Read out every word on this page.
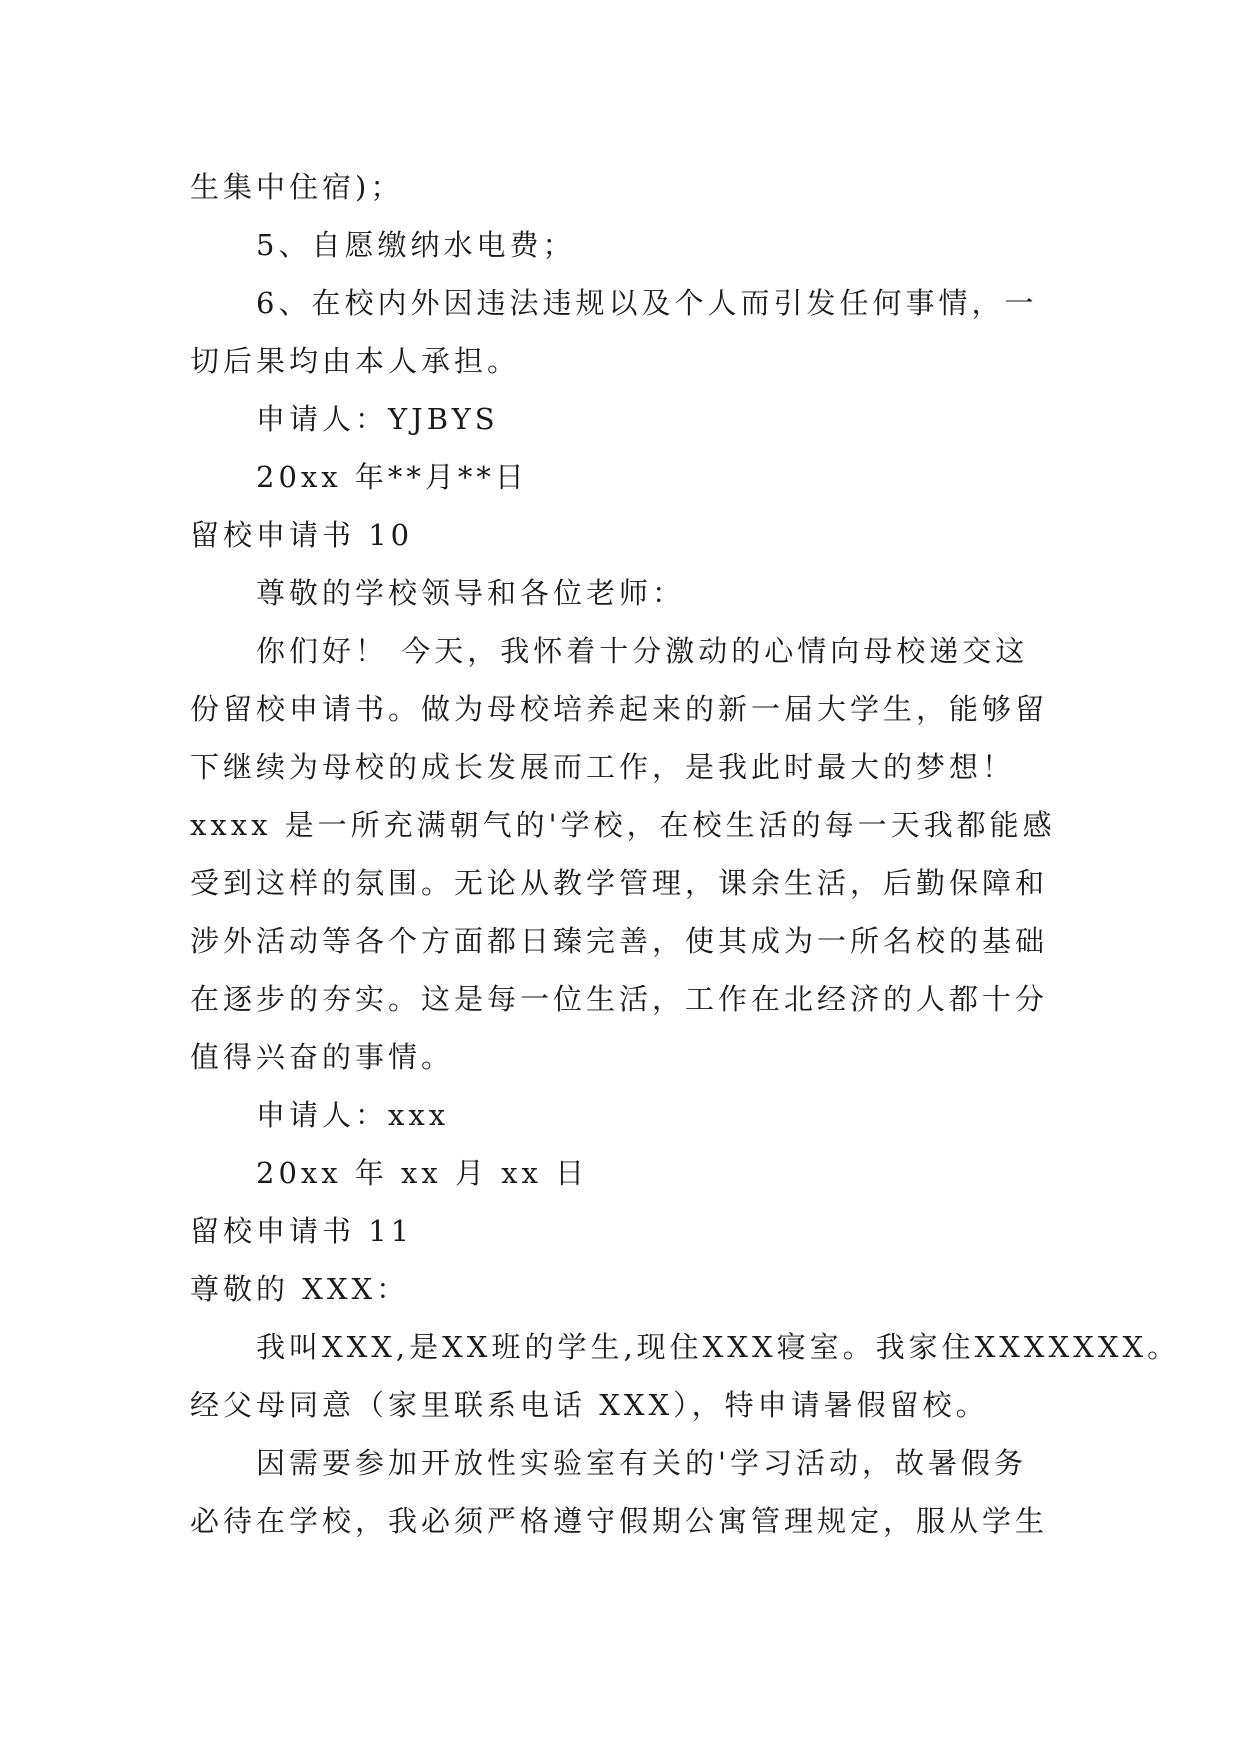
生集中住宿)；
5、自愿缴纳水电费；
6、在校内外因违法违规以及个人而引发任何事情，一
切后果均由本人承担。
申请人：YJBYS
20xx 年**月**日
留校申请书 10
尊敬的学校领导和各位老师：
你们好！ 今天，我怀着十分激动的心情向母校递交这
份留校申请书。做为母校培养起来的新一届大学生，能够留
下继续为母校的成长发展而工作，是我此时最大的梦想！
xxxx 是一所充满朝气的'学校，在校生活的每一天我都能感
受到这样的氛围。无论从教学管理，课余生活，后勤保障和
涉外活动等各个方面都日臻完善，使其成为一所名校的基础
在逐步的夯实。这是每一位生活，工作在北经济的人都十分
值得兴奋的事情。
申请人：xxx
20xx 年 xx 月 xx 日
留校申请书 11
尊敬的 XXX：
我叫XXX,是XX班的学生,现住XXX寝室。我家住XXXXXXX。
经父母同意（家里联系电话 XXX），特申请暑假留校。
因需要参加开放性实验室有关的'学习活动，故暑假务
必待在学校，我必须严格遵守假期公寓管理规定，服从学生
